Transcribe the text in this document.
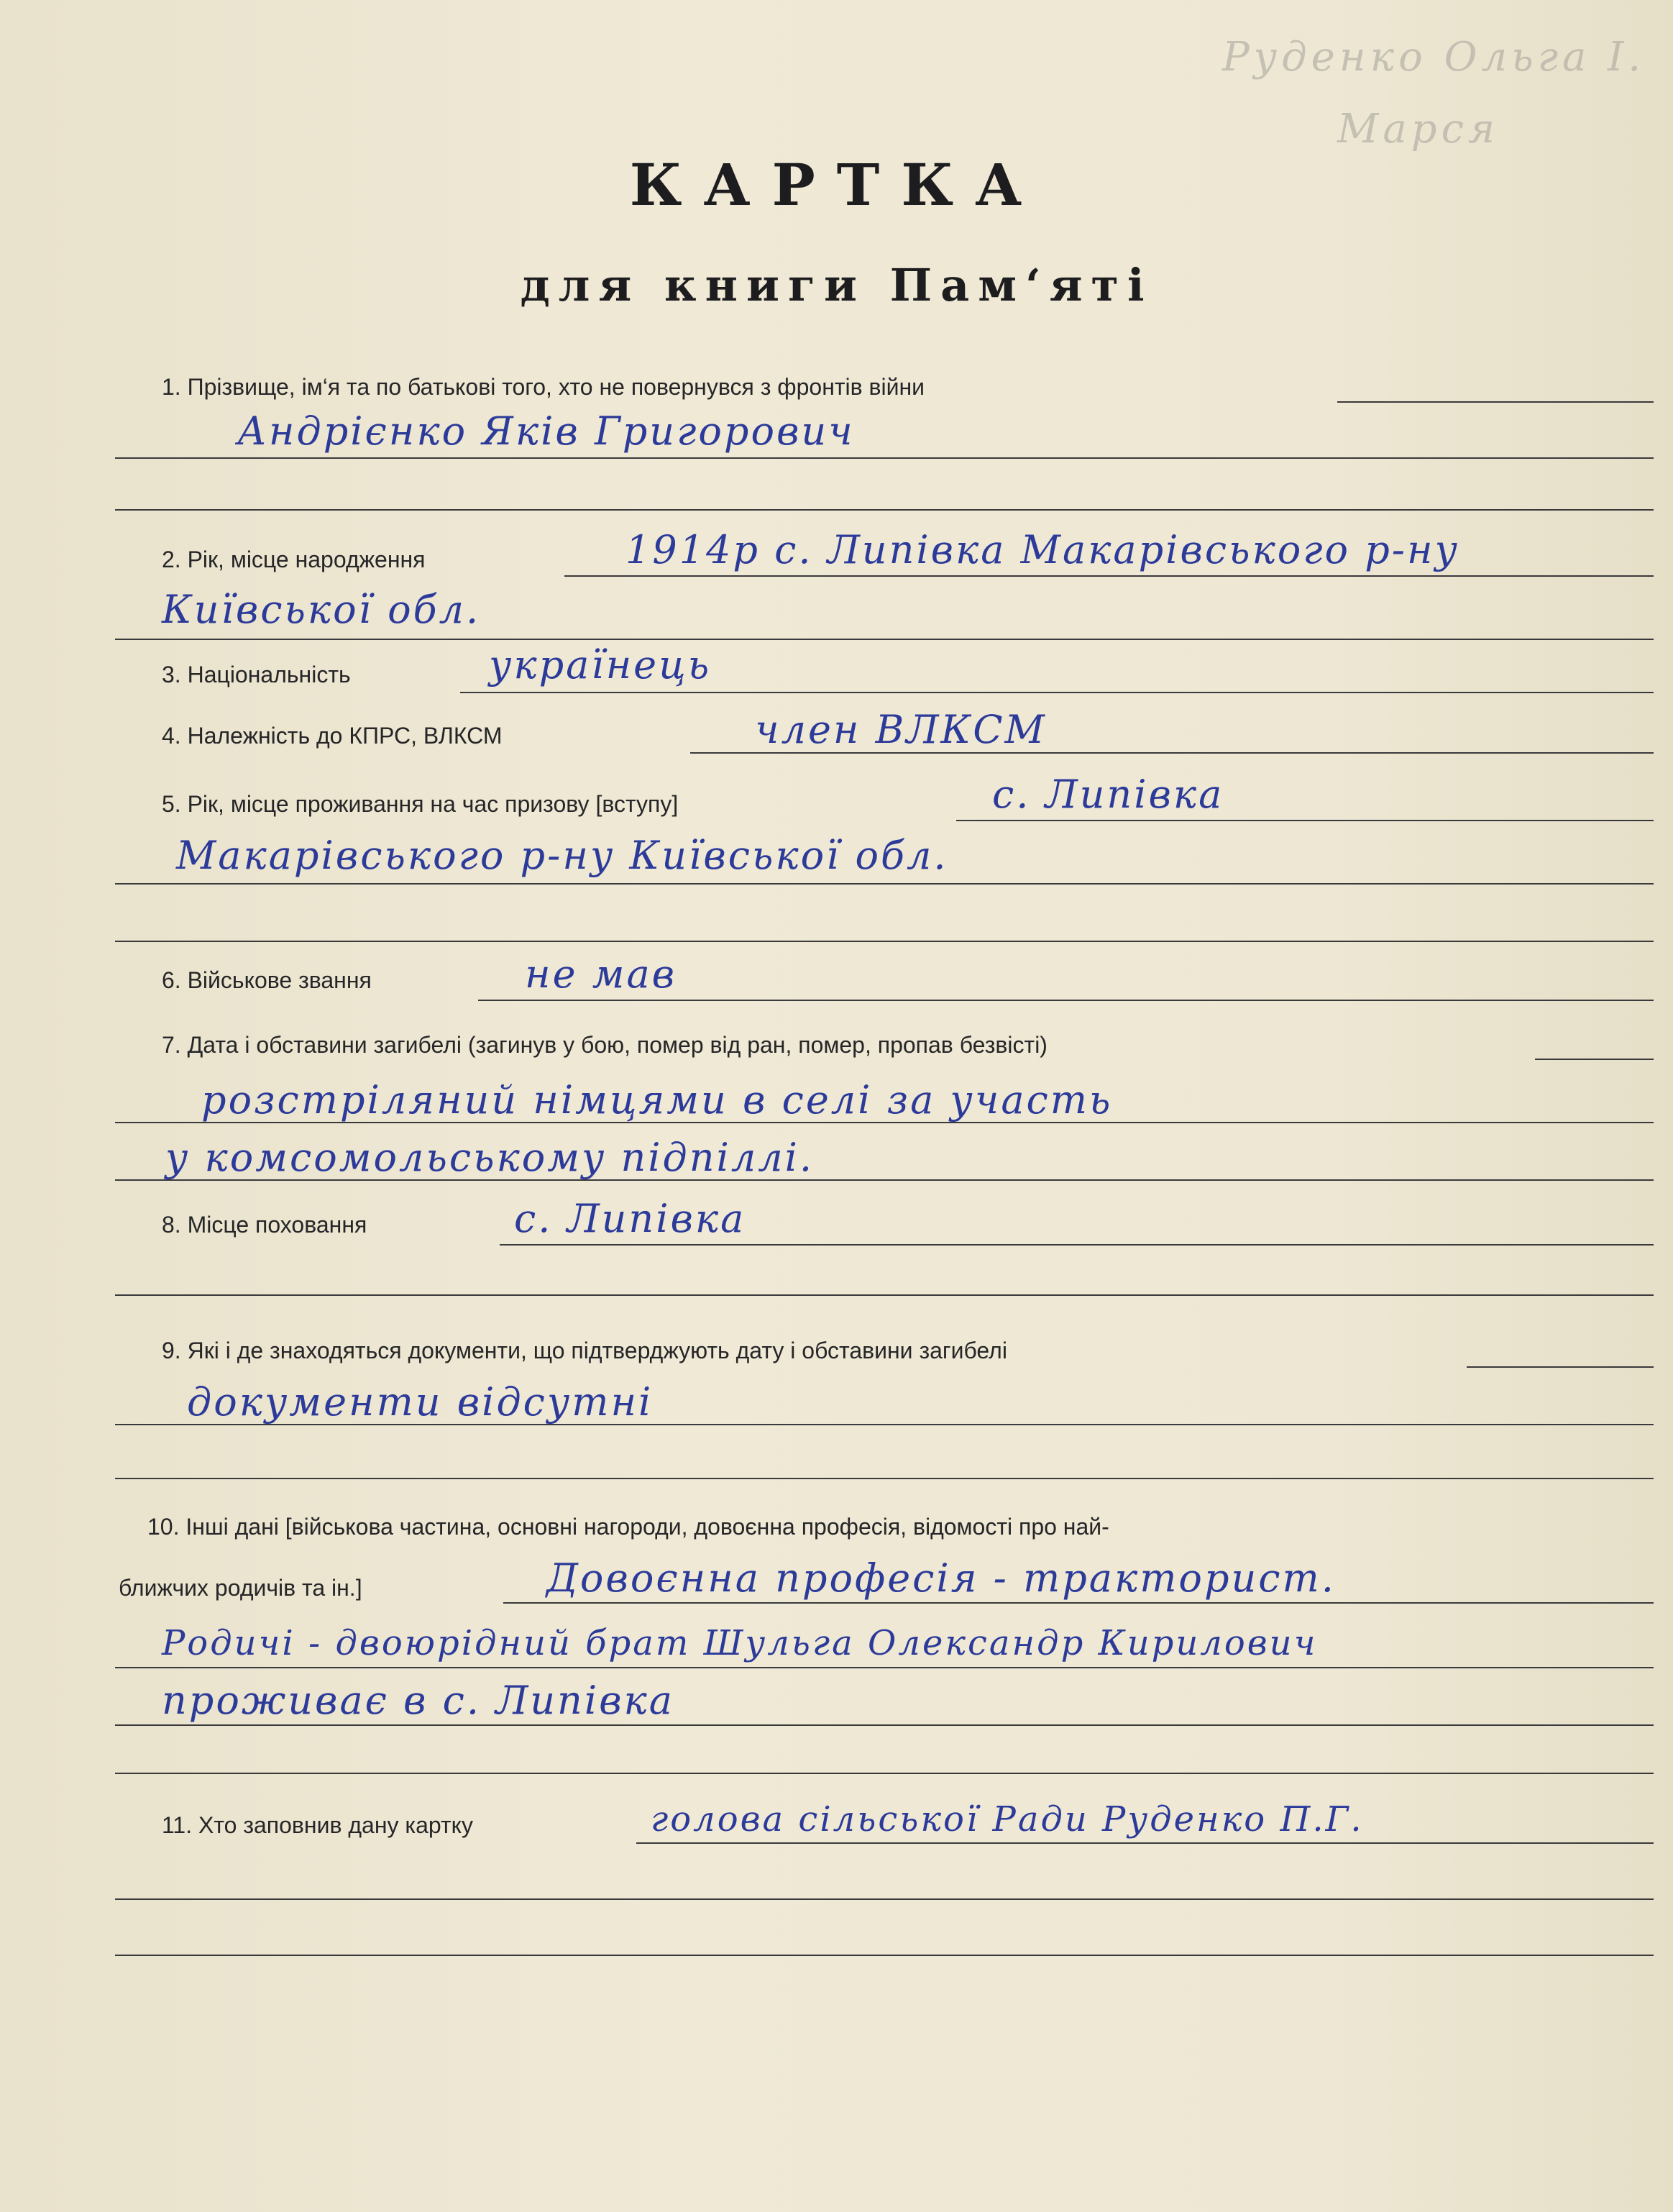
Руденко Ольга І.
Марся
КАРТКА
для книги Пам‘яті
1. Прізвище, ім‘я та по батькові того, хто не повернувся з фронтів війни
Андрієнко Яків Григорович
2. Рік, місце народження	1914р с. Липівка Макарівського р-ну
Київської обл.
3. Національність	українець
4. Належність до КПРС, ВЛКСМ	член ВЛКСМ
5. Рік, місце проживання на час призову [вступу]	с. Липівка
Макарівського р-ну Київської обл.
6. Військове звання	не мав
7. Дата і обставини загибелі (загинув у бою, помер від ран, помер, пропав безвісті)
розстріляний німцями в селі за участь
у комсомольському підпіллі.
8. Місце поховання	с. Липівка
9. Які і де знаходяться документи, що підтверджують дату і обставини загибелі
документи відсутні
10. Інші дані [військова частина, основні нагороди, довоєнна професія, відомості про най-
ближчих родичів та ін.]	Довоєнна професія - тракторист.
Родичі - двоюрідний брат Шульга Олександр Кирилович
проживає в с. Липівка
11. Хто заповнив дану картку	голова сільської Ради Руденко П.Г.
